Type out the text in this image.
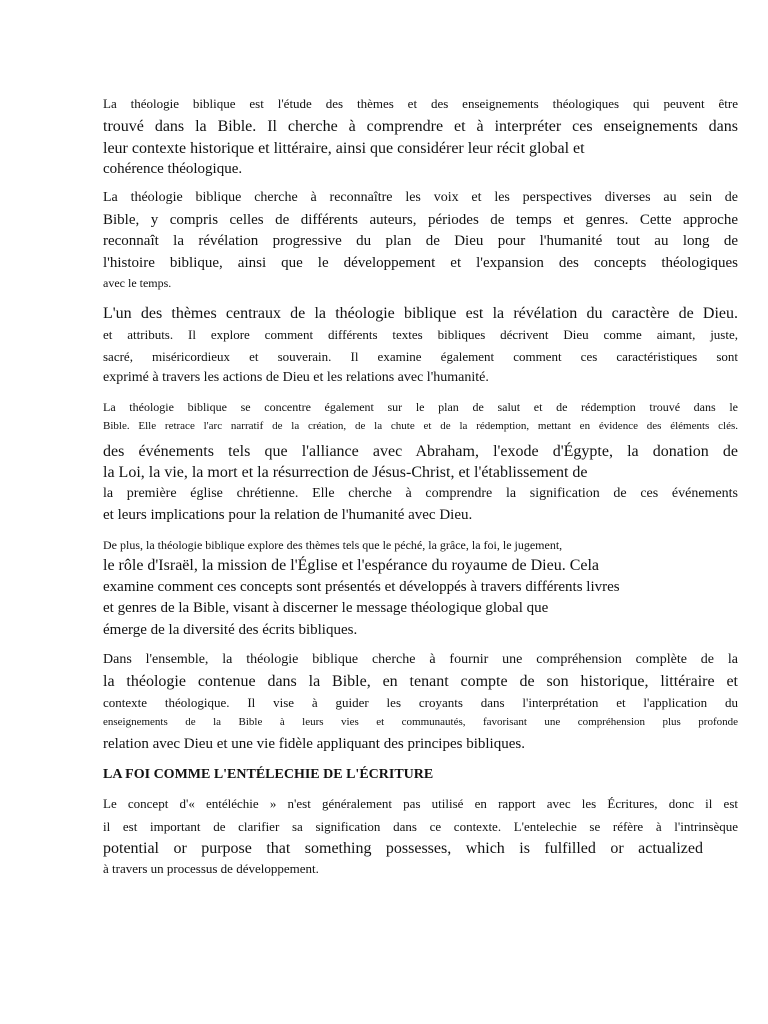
La théologie biblique est l'étude des thèmes et des enseignements théologiques qui peuvent être
trouvé dans la Bible. Il cherche à comprendre et à interpréter ces enseignements dans
leur contexte historique et littéraire, ainsi que considérer leur récit global et
cohérence théologique.
La théologie biblique cherche à reconnaître les voix et les perspectives diverses au sein de
Bible, y compris celles de différents auteurs, périodes de temps et genres. Cette approche
reconnaît la révélation progressive du plan de Dieu pour l'humanité tout au long de
l'histoire biblique, ainsi que le développement et l'expansion des concepts théologiques
avec le temps.
L'un des thèmes centraux de la théologie biblique est la révélation du caractère de Dieu.
et attributs. Il explore comment différents textes bibliques décrivent Dieu comme aimant, juste,
sacré, miséricordieux et souverain. Il examine également comment ces caractéristiques sont
exprimé à travers les actions de Dieu et les relations avec l'humanité.
La théologie biblique se concentre également sur le plan de salut et de rédemption trouvé dans le
Bible. Elle retrace l'arc narratif de la création, de la chute et de la rédemption, mettant en évidence des éléments clés.
des événements tels que l'alliance avec Abraham, l'exode d'Égypte, la donation de
la Loi, la vie, la mort et la résurrection de Jésus-Christ, et l'établissement de
la première église chrétienne. Elle cherche à comprendre la signification de ces événements
et leurs implications pour la relation de l'humanité avec Dieu.
De plus, la théologie biblique explore des thèmes tels que le péché, la grâce, la foi, le jugement,
le rôle d'Israël, la mission de l'Église et l'espérance du royaume de Dieu. Cela
examine comment ces concepts sont présentés et développés à travers différents livres
et genres de la Bible, visant à discerner le message théologique global que
émerge de la diversité des écrits bibliques.
Dans l'ensemble, la théologie biblique cherche à fournir une compréhension complète de la
la théologie contenue dans la Bible, en tenant compte de son historique, littéraire et
contexte théologique. Il vise à guider les croyants dans l'interprétation et l'application du
enseignements de la Bible à leurs vies et communautés, favorisant une compréhension plus profonde
relation avec Dieu et une vie fidèle appliquant des principes bibliques.
LA FOI COMME L'ENTÉLECHIE DE L'ÉCRITURE
Le concept d'« entéléchie » n'est généralement pas utilisé en rapport avec les Écritures, donc il est
il est important de clarifier sa signification dans ce contexte. L'entelechie se réfère à l'intrinsèque
potential or purpose that something possesses, which is fulfilled or actualized
à travers un processus de développement.
